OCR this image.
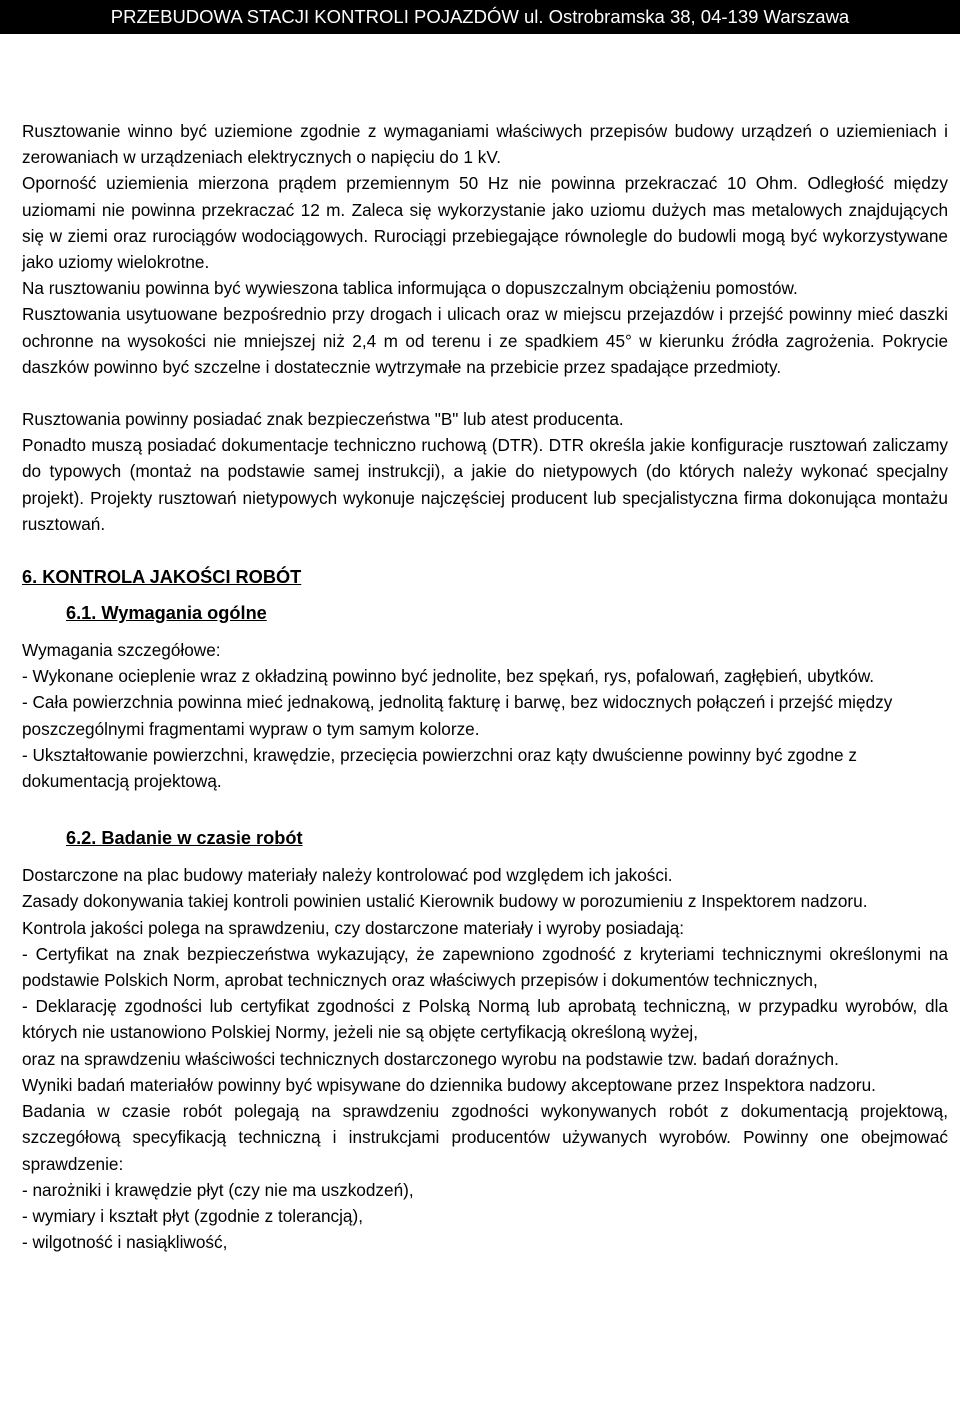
PRZEBUDOWA STACJI KONTROLI POJAZDÓW ul. Ostrobramska 38, 04-139 Warszawa

Rusztowanie winno być uziemione zgodnie z wymaganiami właściwych przepisów budowy urządzeń o uziemieniach i zerowaniach w urządzeniach elektrycznych o napięciu do 1 kV.

Oporność uziemienia mierzona prądem przemiennym 50 Hz nie powinna przekraczać 10 Ohm. Odległość między uziomami nie powinna przekraczać 12 m. Zaleca się wykorzystanie jako uziomu dużych mas metalowych znajdujących się w ziemi oraz rurociągów wodociągowych. Rurociągi przebiegające równolegle do budowli mogą być wykorzystywane jako uziomy wielokrotne.

Na rusztowaniu powinna być wywieszona tablica informująca o dopuszczalnym obciążeniu pomostów.

Rusztowania usytuowane bezpośrednio przy drogach i ulicach oraz w miejscu przejazdów i przejść powinny mieć daszki ochronne na wysokości nie mniejszej niż 2,4 m od terenu i ze spadkiem 45° w kierunku źródła zagrożenia. Pokrycie daszków powinno być szczelne i dostatecznie wytrzymałe na przebicie przez spadające przedmioty.

Rusztowania powinny posiadać znak bezpieczeństwa "B" lub atest producenta.

Ponadto muszą posiadać dokumentacje techniczno ruchową (DTR). DTR określa jakie konfiguracje rusztowań zaliczamy do typowych (montaż na podstawie samej instrukcji), a jakie do nietypowych (do których należy wykonać specjalny projekt). Projekty rusztowań nietypowych wykonuje najczęściej producent lub specjalistyczna firma dokonująca montażu rusztowań.

6. KONTROLA JAKOŚCI ROBÓT
6.1. Wymagania ogólne

Wymagania szczegółowe:

- Wykonane ocieplenie wraz z okładziną powinno być jednolite, bez spękań, rys, pofalowań, zagłębień, ubytków.

- Cała powierzchnia powinna mieć jednakową, jednolitą fakturę i barwę, bez widocznych połączeń i przejść między poszczególnymi fragmentami wypraw o tym samym kolorze.

- Ukształtowanie powierzchni, krawędzie, przecięcia powierzchni oraz kąty dwuścienne powinny być zgodne z dokumentacją projektową.

6.2. Badanie w czasie robót

Dostarczone na plac budowy materiały należy kontrolować pod względem ich jakości.

Zasady dokonywania takiej kontroli powinien ustalić Kierownik budowy w porozumieniu z Inspektorem nadzoru.

Kontrola jakości polega na sprawdzeniu, czy dostarczone materiały i wyroby posiadają:

- Certyfikat na znak bezpieczeństwa wykazujący, że zapewniono zgodność z kryteriami technicznymi określonymi na podstawie Polskich Norm, aprobat technicznych oraz właściwych przepisów i dokumentów technicznych,

- Deklarację zgodności lub certyfikat zgodności z Polską Normą lub aprobatą techniczną, w przypadku wyrobów, dla których nie ustanowiono Polskiej Normy, jeżeli nie są objęte certyfikacją określoną wyżej,

oraz na sprawdzeniu właściwości technicznych dostarczonego wyrobu na podstawie tzw. badań doraźnych.

Wyniki badań materiałów powinny być wpisywane do dziennika budowy akceptowane przez Inspektora nadzoru.

Badania w czasie robót polegają na sprawdzeniu zgodności wykonywanych robót z dokumentacją projektową, szczegółową specyfikacją techniczną i instrukcjami producentów używanych wyrobów. Powinny one obejmować sprawdzenie:

- narożniki i krawędzie płyt (czy nie ma uszkodzeń),

- wymiary i kształt płyt (zgodnie z tolerancją),

- wilgotność i nasiąkliwość,
